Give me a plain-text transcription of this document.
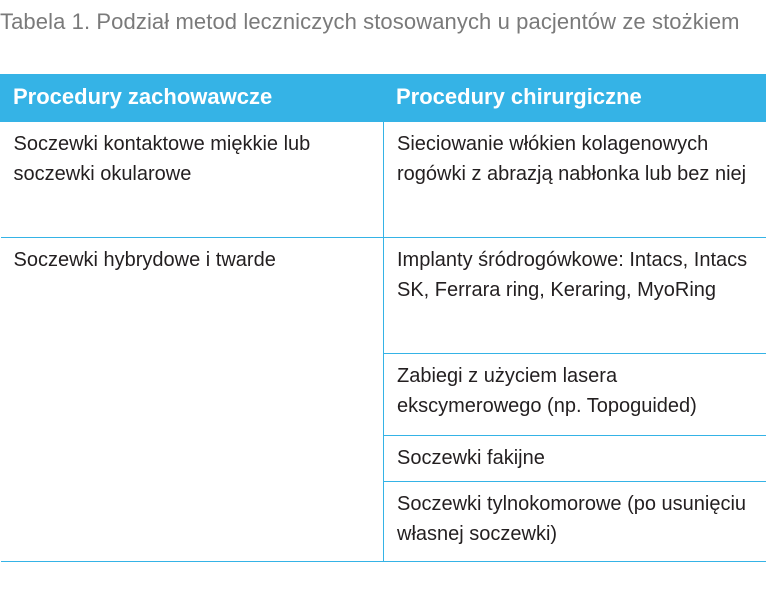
Tabela 1. Podział metod leczniczych stosowanych u pacjentów ze stożkiem
Procedury zachowawcze	Procedury chirurgiczne
Soczewki kontaktowe miękkie lub soczewki okularowe	Sieciowanie włókien kolagenowych rogówki z abrazją nabłonka lub bez niej
Soczewki hybrydowe i twarde	Implanty śródrogówkowe: Intacs, Intacs SK, Ferrara ring, Keraring, MyoRing
	Zabiegi z użyciem lasera ekscymerowego (np. Topoguided)
	Soczewki fakijne
	Soczewki tylnokomorowe (po usunięciu własnej soczewki)
